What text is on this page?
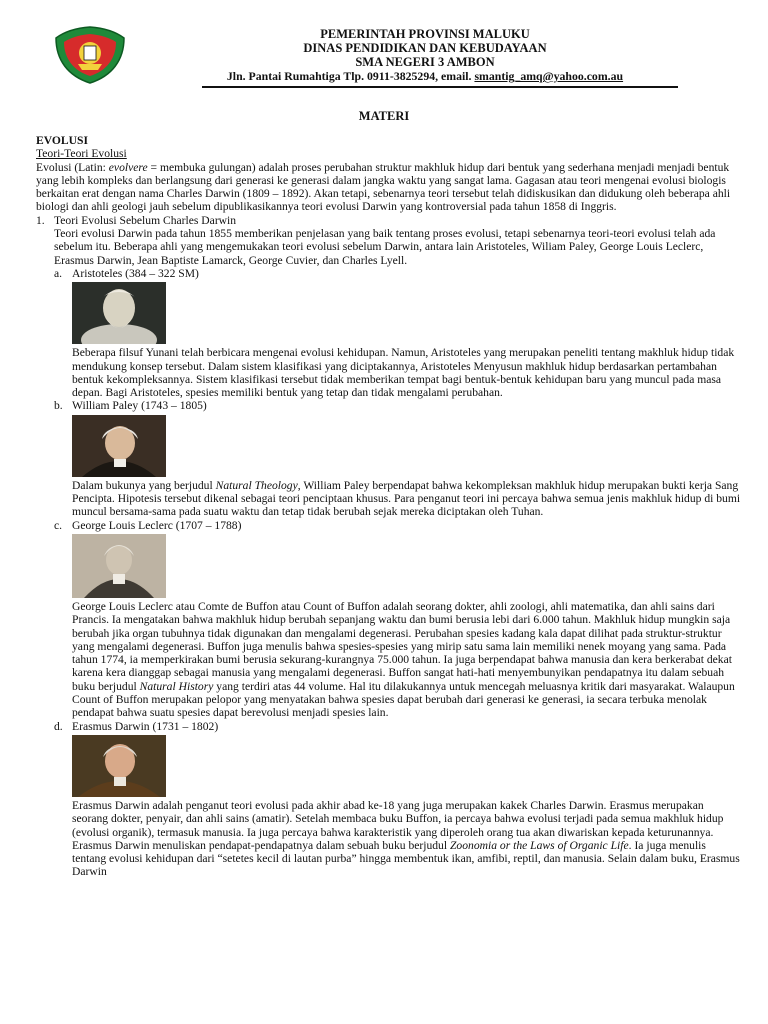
PEMERINTAH PROVINSI MALUKU
DINAS PENDIDIKAN DAN KEBUDAYAAN
SMA NEGERI 3 AMBON
Jln. Pantai Rumahtiga Tlp. 0911-3825294, email. smantig_amq@yahoo.com.au
MATERI

EVOLUSI

Teori-Teori Evolusi

Evolusi (Latin: evolvere = membuka gulungan) adalah proses perubahan struktur makhluk hidup dari bentuk yang sederhana menjadi menjadi bentuk yang lebih kompleks dan berlangsung dari generasi ke generasi dalam jangka waktu yang sangat lama. Gagasan atau teori mengenai evolusi biologis berkaitan erat dengan nama Charles Darwin (1809 – 1892). Akan tetapi, sebenarnya teori tersebut telah didiskusikan dan didukung oleh beberapa ahli biologi dan ahli geologi jauh sebelum dipublikasikannya teori evolusi Darwin yang kontroversial pada tahun 1858 di Inggris.

1. Teori Evolusi Sebelum Charles Darwin

Teori evolusi Darwin pada tahun 1855 memberikan penjelasan yang baik tentang proses evolusi, tetapi sebenarnya teori-teori evolusi telah ada sebelum itu. Beberapa ahli yang mengemukakan teori evolusi sebelum Darwin, antara lain Aristoteles, Wiliam Paley, George Louis Leclerc, Erasmus Darwin, Jean Baptiste Lamarck, George Cuvier, dan Charles Lyell.

a. Aristoteles (384 – 322 SM)

Beberapa filsuf Yunani telah berbicara mengenai evolusi kehidupan. Namun, Aristoteles yang merupakan peneliti tentang makhluk hidup tidak mendukung konsep tersebut. Dalam sistem klasifikasi yang diciptakannya, Aristoteles Menyusun makhluk hidup berdasarkan pertambahan bentuk kekompleksannya. Sistem klasifikasi tersebut tidak memberikan tempat bagi bentuk-bentuk kehidupan baru yang muncul pada masa depan. Bagi Aristoteles, spesies memiliki bentuk yang tetap dan tidak mengalami perubahan.

b. William Paley (1743 – 1805)

Dalam bukunya yang berjudul Natural Theology, William Paley berpendapat bahwa kekompleksan makhluk hidup merupakan bukti kerja Sang Pencipta. Hipotesis tersebut dikenal sebagai teori penciptaan khusus. Para penganut teori ini percaya bahwa semua jenis makhluk hidup di bumi muncul bersama-sama pada suatu waktu dan tetap tidak berubah sejak mereka diciptakan oleh Tuhan.

c. George Louis Leclerc (1707 – 1788)

George Louis Leclerc atau Comte de Buffon atau Count of Buffon adalah seorang dokter, ahli zoologi, ahli matematika, dan ahli sains dari Prancis. Ia mengatakan bahwa makhluk hidup berubah sepanjang waktu dan bumi berusia lebi dari 6.000 tahun. Makhluk hidup mungkin saja berubah jika organ tubuhnya tidak digunakan dan mengalami degenerasi. Perubahan spesies kadang kala dapat dilihat pada struktur-struktur yang mengalami degenerasi. Buffon juga menulis bahwa spesies-spesies yang mirip satu sama lain memiliki nenek moyang yang sama. Pada tahun 1774, ia memperkirakan bumi berusia sekurang-kurangnya 75.000 tahun. Ia juga berpendapat bahwa manusia dan kera berkerabat dekat karena kera dianggap sebagai manusia yang mengalami degenerasi. Buffon sangat hati-hati menyembunyikan pendapatnya itu dalam sebuah buku berjudul Natural History yang terdiri atas 44 volume. Hal itu dilakukannya untuk mencegah meluasnya kritik dari masyarakat. Walaupun Count of Buffon merupakan pelopor yang menyatakan bahwa spesies dapat berubah dari generasi ke generasi, ia secara terbuka menolak pendapat bahwa suatu spesies dapat berevolusi menjadi spesies lain.

d. Erasmus Darwin (1731 – 1802)

Erasmus Darwin adalah penganut teori evolusi pada akhir abad ke-18 yang juga merupakan kakek Charles Darwin. Erasmus merupakan seorang dokter, penyair, dan ahli sains (amatir). Setelah membaca buku Buffon, ia percaya bahwa evolusi terjadi pada semua makhluk hidup (evolusi organik), termasuk manusia. Ia juga percaya bahwa karakteristik yang diperoleh orang tua akan diwariskan kepada keturunannya. Erasmus Darwin menuliskan pendapat-pendapatnya dalam sebuah buku berjudul Zoonomia or the Laws of Organic Life. Ia juga menulis tentang evolusi kehidupan dari “setetes kecil di lautan purba” hingga membentuk ikan, amfibi, reptil, dan manusia. Selain dalam buku, Erasmus Darwin
